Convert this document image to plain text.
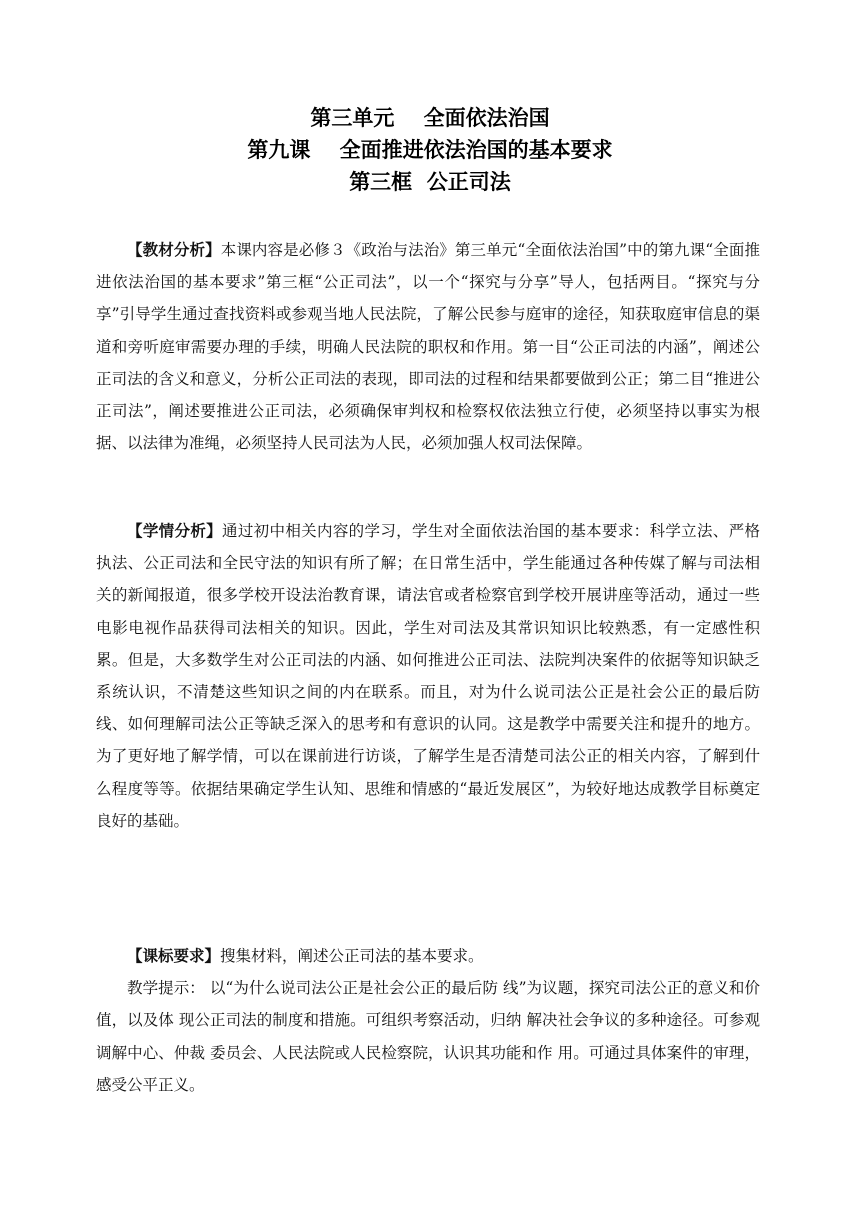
第三单元    全面依法治国
第九课    全面推进依法治国的基本要求
第三框  公正司法

【教材分析】本课内容是必修３《政治与法治》第三单元“全面依法治国”中的第九课“全面推进依法治国的基本要求”第三框“公正司法”，以一个“探究与分享”导人，包括两目。“探究与分享”引导学生通过查找资料或参观当地人民法院，了解公民参与庭审的途径，知获取庭审信息的渠道和旁听庭审需要办理的手续，明确人民法院的职权和作用。第一目“公正司法的内涵”，阐述公正司法的含义和意义，分析公正司法的表现，即司法的过程和结果都要做到公正；第二目“推进公正司法”，阐述要推进公正司法，必须确保审判权和检察权依法独立行使，必须坚持以事实为根据、以法律为准绳，必须坚持人民司法为人民，必须加强人权司法保障。

【学情分析】通过初中相关内容的学习，学生对全面依法治国的基本要求：科学立法、严格执法、公正司法和全民守法的知识有所了解；在日常生活中，学生能通过各种传媒了解与司法相关的新闻报道，很多学校开设法治教育课，请法官或者检察官到学校开展讲座等活动，通过一些电影电视作品获得司法相关的知识。因此，学生对司法及其常识知识比较熟悉，有一定感性积累。但是，大多数学生对公正司法的内涵、如何推进公正司法、法院判决案件的依据等知识缺乏系统认识，不清楚这些知识之间的内在联系。而且，对为什么说司法公正是社会公正的最后防线、如何理解司法公正等缺乏深入的思考和有意识的认同。这是教学中需要关注和提升的地方。为了更好地了解学情，可以在课前进行访谈，了解学生是否清楚司法公正的相关内容，了解到什么程度等等。依据结果确定学生认知、思维和情感的“最近发展区”，为较好地达成教学目标奠定良好的基础。

【课标要求】搜集材料，阐述公正司法的基本要求。

教学提示： 以“为什么说司法公正是社会公正的最后防 线”为议题，探究司法公正的意义和价值，以及体 现公正司法的制度和措施。可组织考察活动，归纳 解决社会争议的多种途径。可参观调解中心、仲裁 委员会、人民法院或人民检察院，认识其功能和作 用。可通过具体案件的审理，感受公平正义。
